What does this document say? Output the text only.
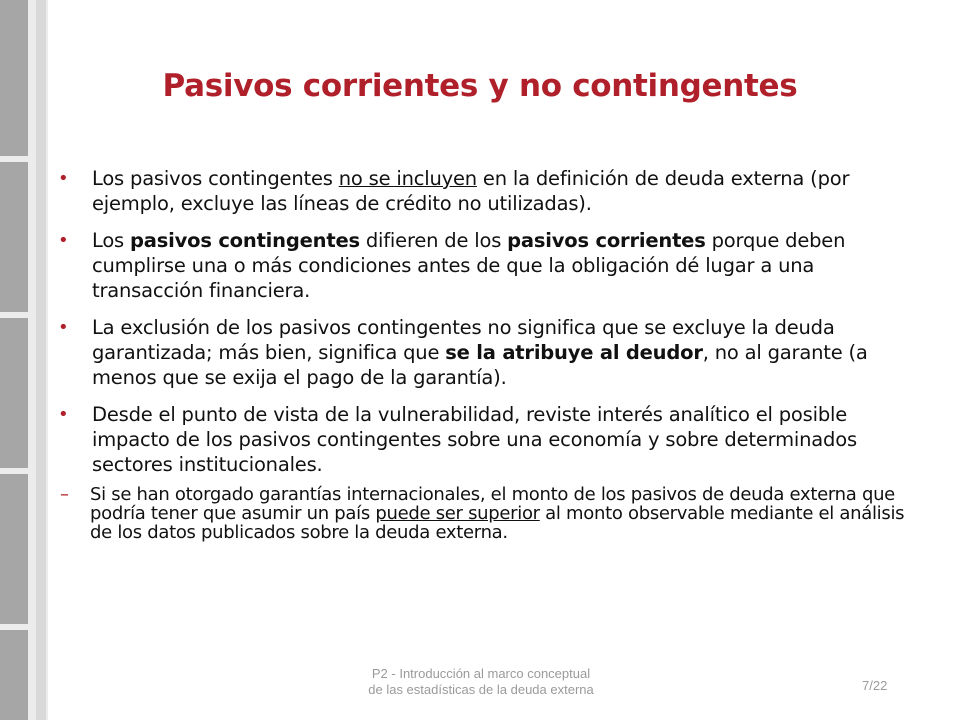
Pasivos corrientes y no contingentes
• Los pasivos contingentes no se incluyen en la definición de deuda externa (por ejemplo, excluye las líneas de crédito no utilizadas).
• Los pasivos contingentes difieren de los pasivos corrientes porque deben cumplirse una o más condiciones antes de que la obligación dé lugar a una transacción financiera.
• La exclusión de los pasivos contingentes no significa que se excluye la deuda garantizada; más bien, significa que se la atribuye al deudor, no al garante (a menos que se exija el pago de la garantía).
• Desde el punto de vista de la vulnerabilidad, reviste interés analítico el posible impacto de los pasivos contingentes sobre una economía y sobre determinados sectores institucionales.
– Si se han otorgado garantías internacionales, el monto de los pasivos de deuda externa que podría tener que asumir un país puede ser superior al monto observable mediante el análisis de los datos publicados sobre la deuda externa.
P2 - Introducción al marco conceptual
de las estadísticas de la deuda externa	7/22
